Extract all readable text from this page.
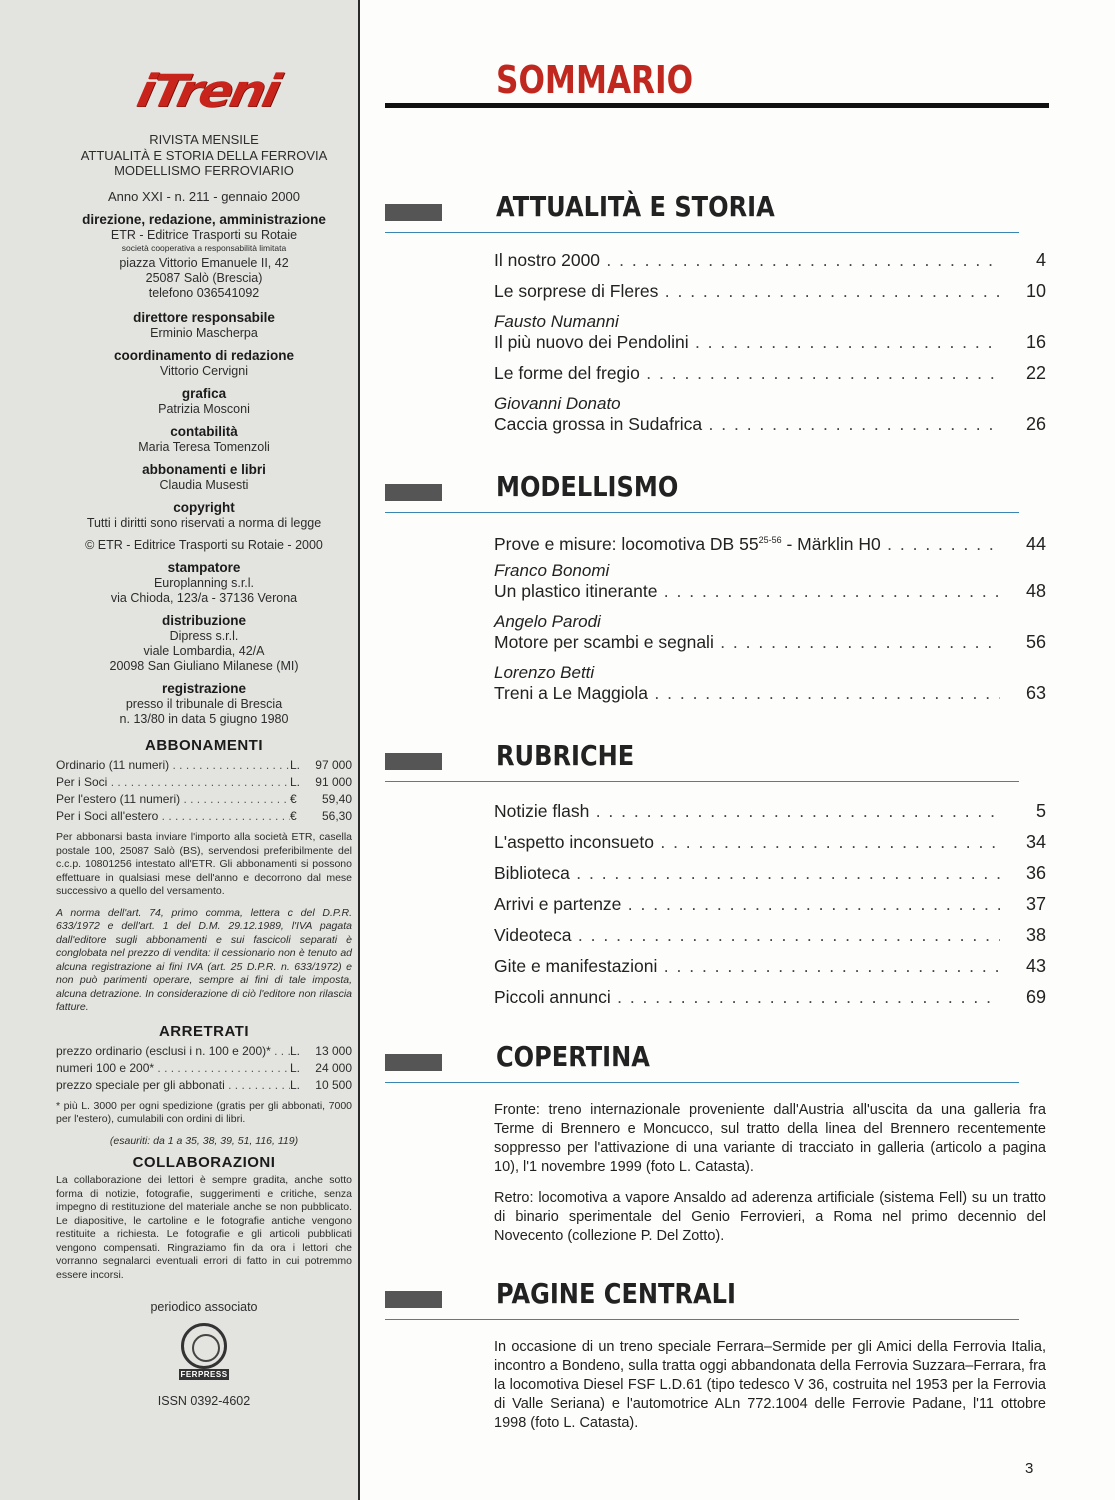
iTreni
RIVISTA MENSILE
ATTUALITÀ E STORIA DELLA FERROVIA
MODELLISMO FERROVIARIO
Anno XXI - n. 211 - gennaio 2000
direzione, redazione, amministrazione
ETR - Editrice Trasporti su Rotaie
società cooperativa a responsabilità limitata
piazza Vittorio Emanuele II, 42
25087 Salò (Brescia)
telefono 036541092
direttore responsabile
Erminio Mascherpa
coordinamento di redazione
Vittorio Cervigni
grafica
Patrizia Mosconi
contabilità
Maria Teresa Tomenzoli
abbonamenti e libri
Claudia Musesti
copyright
Tutti i diritti sono riservati a norma di legge
© ETR - Editrice Trasporti su Rotaie - 2000
stampatore
Europlanning s.r.l.
via Chioda, 123/a - 37136 Verona
distribuzione
Dipress s.r.l.
viale Lombardia, 42/A
20098 San Giuliano Milanese (MI)
registrazione
presso il tribunale di Brescia
n. 13/80 in data 5 giugno 1980
ABBONAMENTI
Ordinario (11 numeri) . . .	L.	97 000
Per i Soci . . .	L.	91 000
Per l'estero (11 numeri) . . .	€	59,40
Per i Soci all'estero . . .	€	56,30
Per abbonarsi basta inviare l'importo alla società ETR, casella postale 100, 25087 Salò (BS), servendosi preferibilmente del c.c.p. 10801256 intestato all'ETR. Gli abbonamenti si possono effettuare in qualsiasi mese dell'anno e decorrono dal mese successivo a quello del versamento.
A norma dell'art. 74, primo comma, lettera c del D.P.R. 633/1972 e dell'art. 1 del D.M. 29.12.1989, l'IVA pagata dall'editore sugli abbonamenti e sui fascicoli separati è conglobata nel prezzo di vendita: il cessionario non è tenuto ad alcuna registrazione ai fini IVA (art. 25 D.P.R. n. 633/1972) e non può parimenti operare, sempre ai fini di tale imposta, alcuna detrazione. In considerazione di ciò l'editore non rilascia fatture.
ARRETRATI
prezzo ordinario (esclusi i n. 100 e 200)* . . .	L.	13 000
numeri 100 e 200* . . .	L.	24 000
prezzo speciale per gli abbonati . . .	L.	10 500
* più L. 3000 per ogni spedizione (gratis per gli abbonati, 7000 per l'estero), cumulabili con ordini di libri.
(esauriti: da 1 a 35, 38, 39, 51, 116, 119)
COLLABORAZIONI
La collaborazione dei lettori è sempre gradita, anche sotto forma di notizie, fotografie, suggerimenti e critiche, senza impegno di restituzione del materiale anche se non pubblicato. Le diapositive, le cartoline e le fotografie antiche vengono restituite a richiesta. Le fotografie e gli articoli pubblicati vengono compensati. Ringraziamo fin da ora i lettori che vorranno segnalarci eventuali errori di fatto in cui potremmo essere incorsi.
periodico associato
FERPRESS
ISSN 0392-4602
SOMMARIO
ATTUALITÀ E STORIA
Il nostro 2000 . . .	4
Le sorprese di Fleres . . .	10
Fausto Numanni
Il più nuovo dei Pendolini . . .	16
Le forme del fregio . . .	22
Giovanni Donato
Caccia grossa in Sudafrica . . .	26
MODELLISMO
Prove e misure: locomotiva DB 55$^{25-56}$ - Märklin H0 . . .	44
Franco Bonomi
Un plastico itinerante . . .	48
Angelo Parodi
Motore per scambi e segnali . . .	56
Lorenzo Betti
Treni a Le Maggiola . . .	63
RUBRICHE
Notizie flash . . .	5
L'aspetto inconsueto . . .	34
Biblioteca . . .	36
Arrivi e partenze . . .	37
Videoteca . . .	38
Gite e manifestazioni . . .	43
Piccoli annunci . . .	69
COPERTINA
Fronte: treno internazionale proveniente dall'Austria all'uscita da una galleria fra Terme di Brennero e Moncucco, sul tratto della linea del Brennero recentemente soppresso per l'attivazione di una variante di tracciato in galleria (articolo a pagina 10), l'1 novembre 1999 (foto L. Catasta).
Retro: locomotiva a vapore Ansaldo ad aderenza artificiale (sistema Fell) su un tratto di binario sperimentale del Genio Ferrovieri, a Roma nel primo decennio del Novecento (collezione P. Del Zotto).
PAGINE CENTRALI
In occasione di un treno speciale Ferrara–Sermide per gli Amici della Ferrovia Italia, incontro a Bondeno, sulla tratta oggi abbandonata della Ferrovia Suzzara–Ferrara, fra la locomotiva Diesel FSF L.D.61 (tipo tedesco V 36, costruita nel 1953 per la Ferrovia di Valle Seriana) e l'automotrice ALn 772.1004 delle Ferrovie Padane, l'11 ottobre 1998 (foto L. Catasta).
3
